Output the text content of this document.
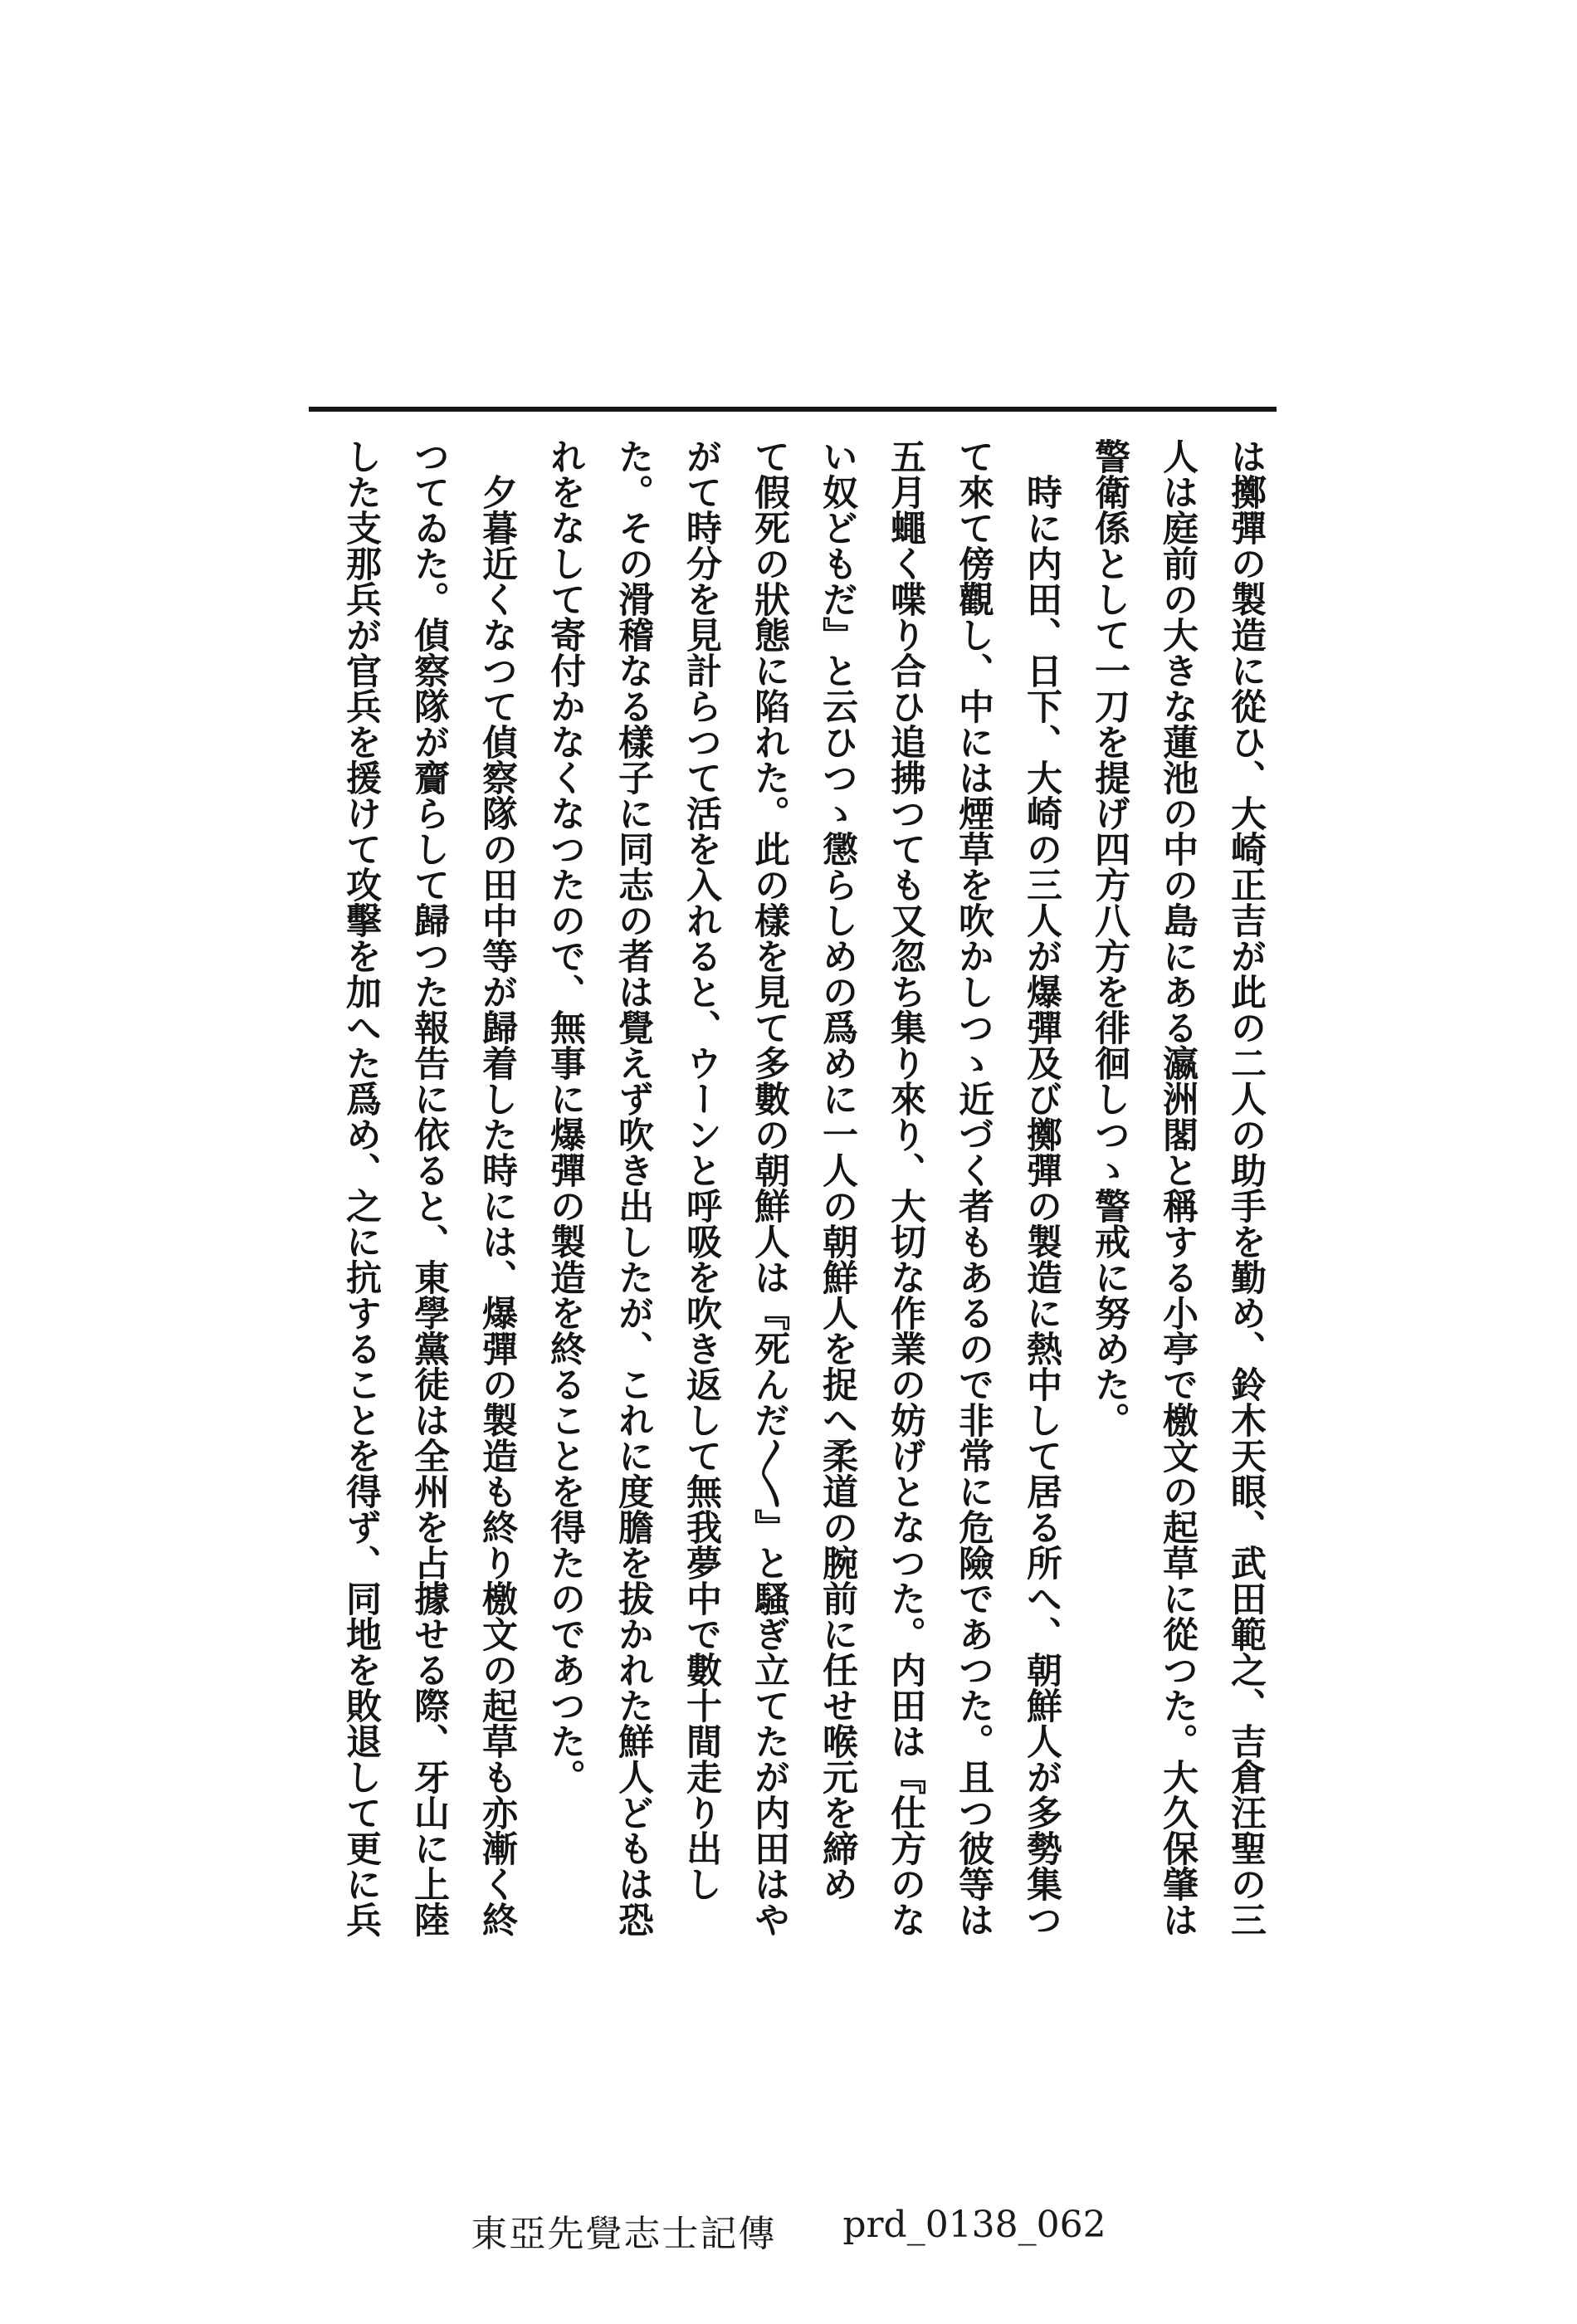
は擲彈の製造に從ひ、大崎正吉が此の二人の助手を勤め、鈴木天眼、武田範之、吉倉汪聖の三
人は庭前の大きな蓮池の中の島にある瀛洲閣と稱する小亭で檄文の起草に從つた。大久保肇は
警衛係として一刀を提げ四方八方を徘徊しつゝ警戒に努めた。
　時に内田、日下、大崎の三人が爆彈及び擲彈の製造に熱中して居る所へ、朝鮮人が多勢集つ
て來て傍觀し、中には煙草を吹かしつゝ近づく者もあるので非常に危險であつた。且つ彼等は
五月蠅く喋り合ひ追拂つても又忽ち集り來り、大切な作業の妨げとなつた。内田は『仕方のな
い奴どもだ』と云ひつゝ懲らしめの爲めに一人の朝鮮人を捉へ柔道の腕前に任せ喉元を締め
て假死の狀態に陷れた。此の樣を見て多數の朝鮮人は『死んだ〳〵』と騷ぎ立てたが内田はや
がて時分を見計らつて活を入れると、ウーンと呼吸を吹き返して無我夢中で數十間走り出し
た。その滑稽なる樣子に同志の者は覺えず吹き出したが、これに度膽を拔かれた鮮人どもは恐
れをなして寄付かなくなつたので、無事に爆彈の製造を終ることを得たのであつた。
　夕暮近くなつて偵察隊の田中等が歸着した時には、爆彈の製造も終り檄文の起草も亦漸く終
つてゐた。偵察隊が齎らして歸つた報告に依ると、東學黨徒は全州を占據せる際、牙山に上陸
した支那兵が官兵を援けて攻擊を加へた爲め、之に抗することを得ず、同地を敗退して更に兵
東亞先覺志士記傳 prd_0138_062
